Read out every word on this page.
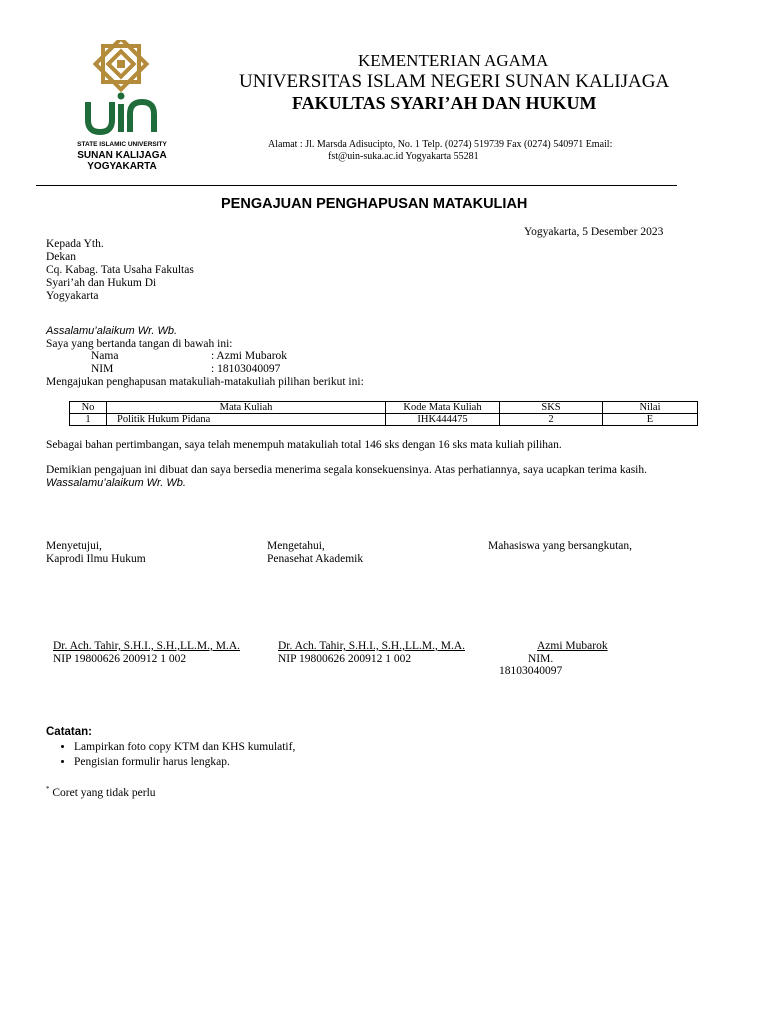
STATE ISLAMIC UNIVERSITY
SUNAN KALIJAGA
YOGYAKARTA
KEMENTERIAN AGAMA
UNIVERSITAS ISLAM NEGERI SUNAN KALIJAGA
FAKULTAS SYARI’AH DAN HUKUM
Alamat : Jl. Marsda Adisucipto, No. 1 Telp. (0274) 519739 Fax (0274) 540971 Email:
fst@uin-suka.ac.id Yogyakarta 55281
PENGAJUAN PENGHAPUSAN MATAKULIAH
Yogyakarta, 5 Desember 2023
Kepada Yth.
Dekan
Cq. Kabag. Tata Usaha Fakultas
Syari’ah dan Hukum Di
Yogyakarta
Assalamu’alaikum Wr. Wb.
Saya yang bertanda tangan di bawah ini:
Nama	: Azmi Mubarok
NIM	: 18103040097
Mengajukan penghapusan matakuliah-matakuliah pilihan berikut ini:
No	Mata Kuliah	Kode Mata Kuliah	SKS	Nilai
1	Politik Hukum Pidana	IHK444475	2	E
Sebagai bahan pertimbangan, saya telah menempuh matakuliah total 146 sks dengan 16 sks mata kuliah pilihan.
Demikian pengajuan ini dibuat dan saya bersedia menerima segala konsekuensinya. Atas perhatiannya, saya ucapkan terima kasih.
Wassalamu’alaikum Wr. Wb.
Menyetujui,
Kaprodi Ilmu Hukum
Mengetahui,
Penasehat Akademik
Mahasiswa yang bersangkutan,
Dr. Ach. Tahir, S.H.I., S.H.,LL.M., M.A.
NIP 19800626 200912 1 002
Dr. Ach. Tahir, S.H.I., S.H.,LL.M., M.A.
NIP 19800626 200912 1 002
Azmi Mubarok
NIM.
18103040097
Catatan:
• Lampirkan foto copy KTM dan KHS kumulatif,
• Pengisian formulir harus lengkap.
* Coret yang tidak perlu
